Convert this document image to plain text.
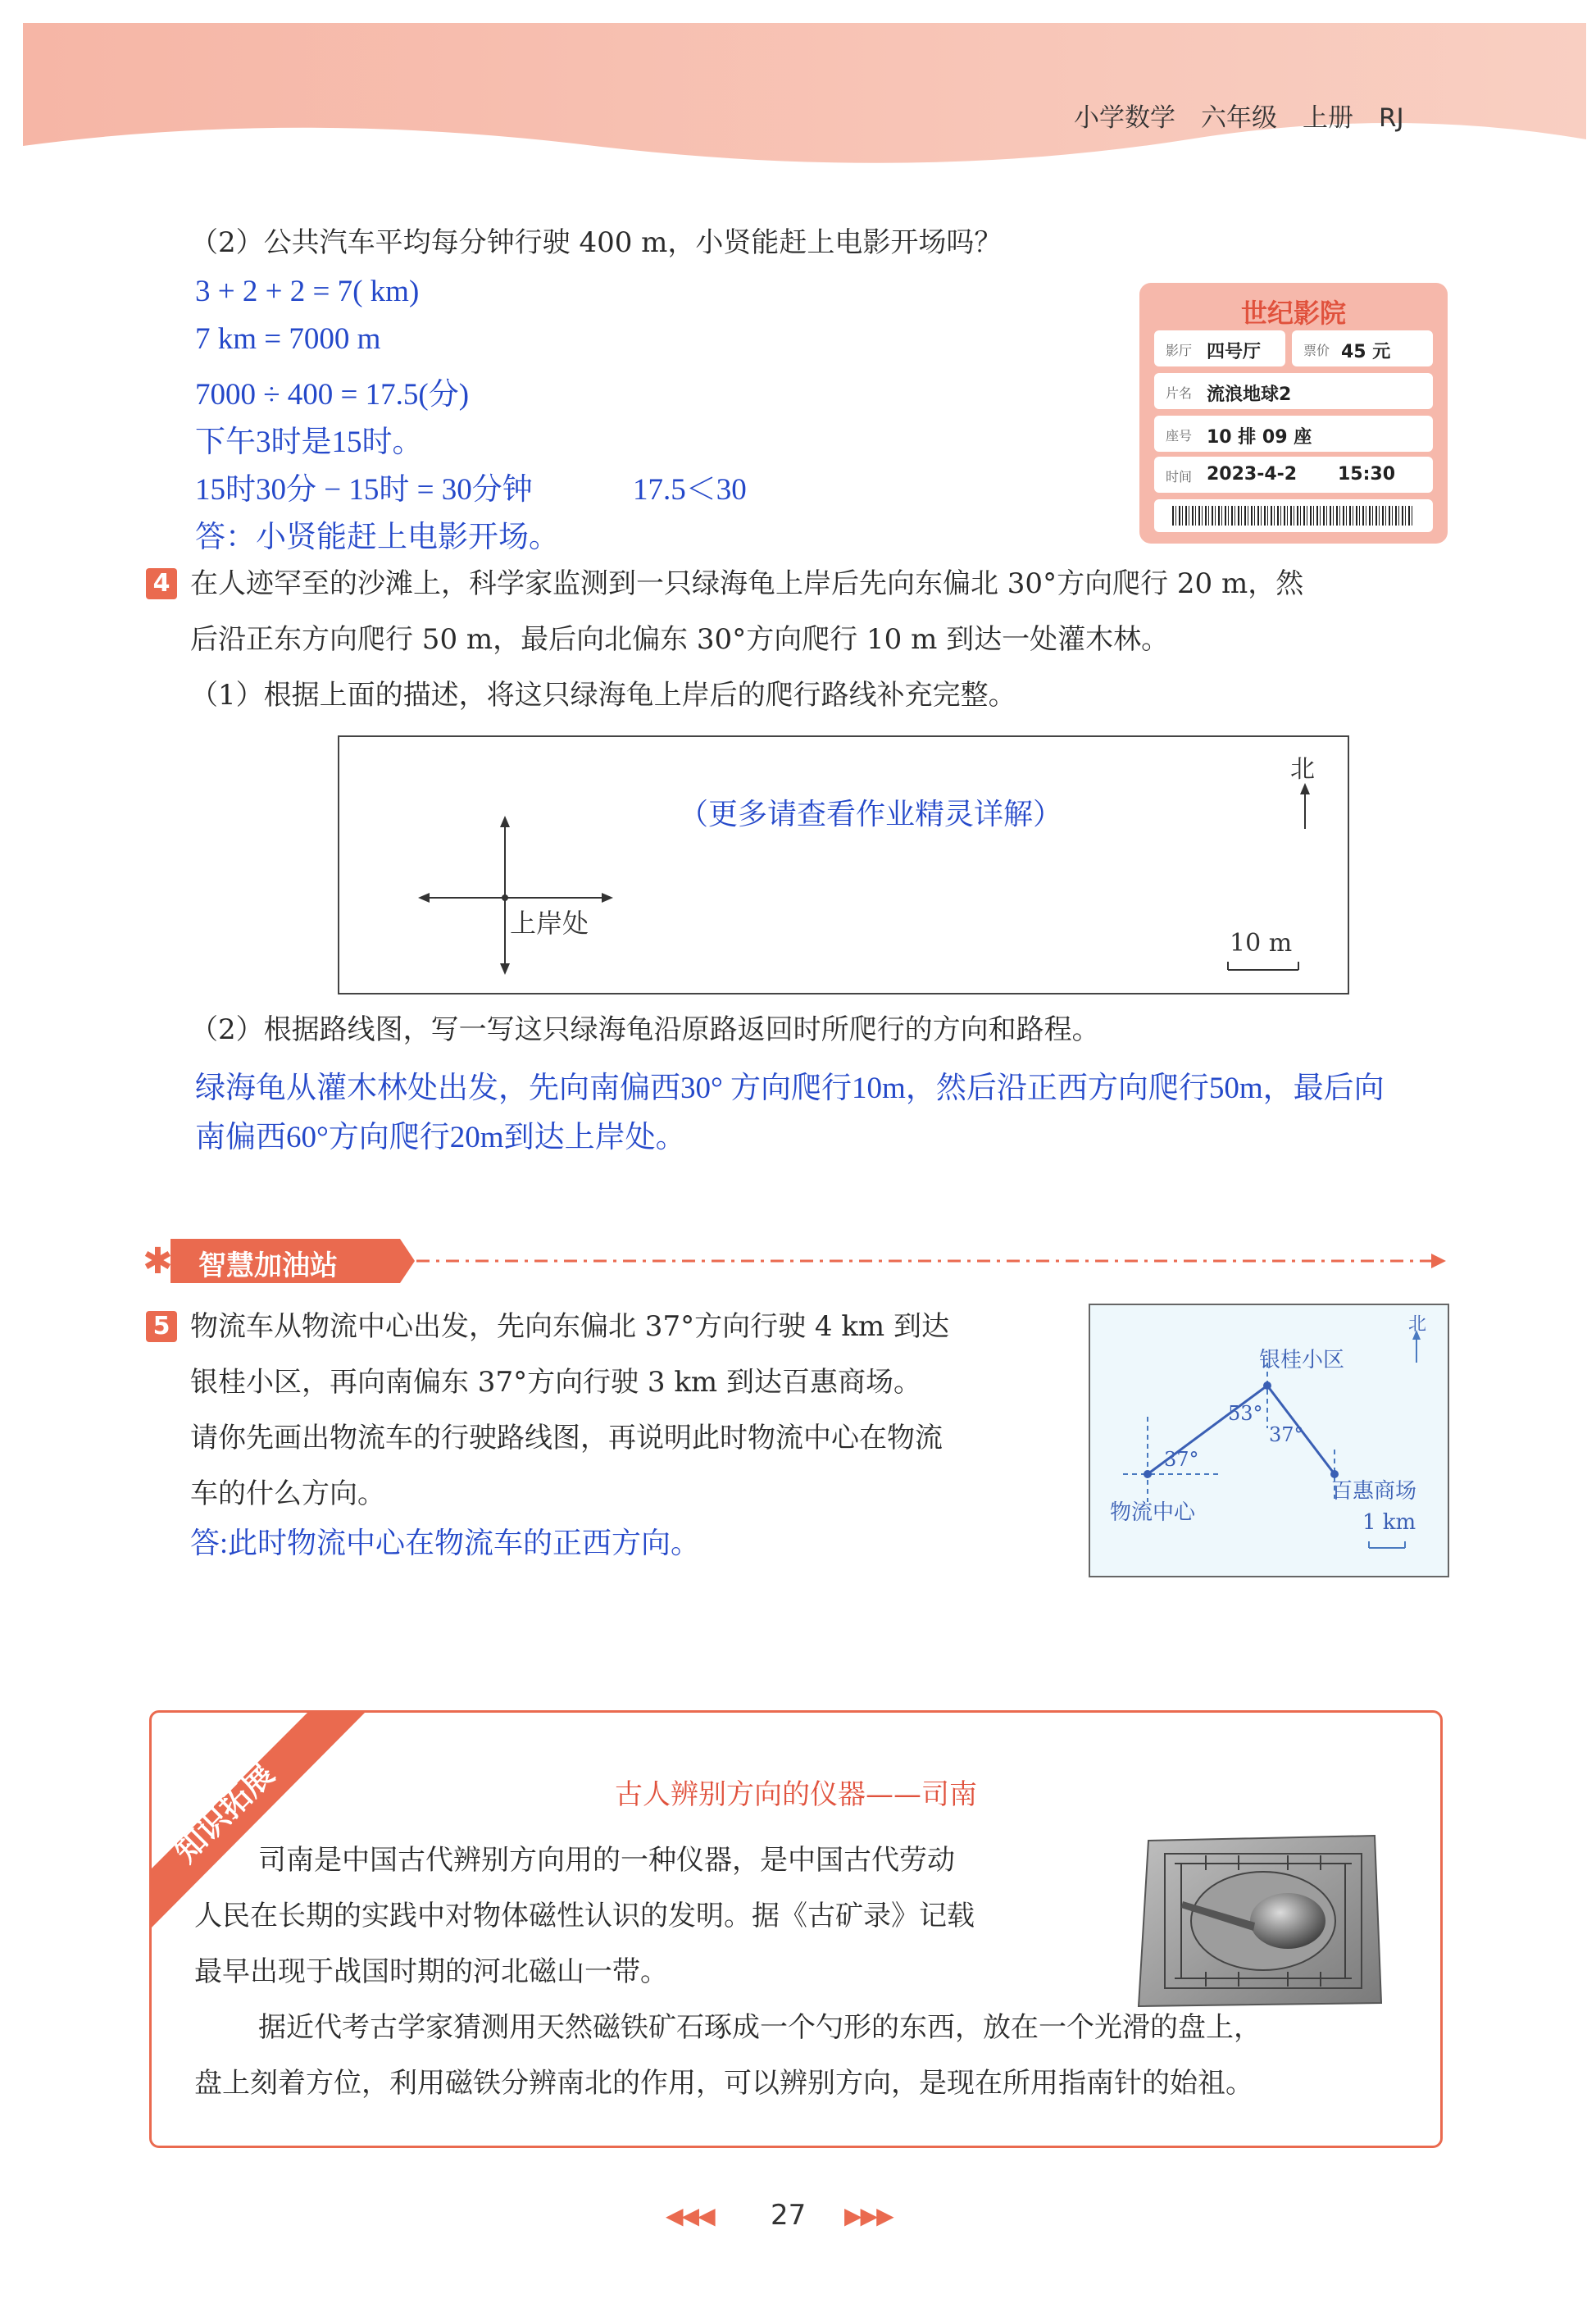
小学数学　六年级　上册　RJ
（2）公共汽车平均每分钟行驶 400 m，小贤能赶上电影开场吗？
3 + 2 + 2 = 7( km)
7 km = 7000 m
7000 ÷ 400 = 17.5(分)
下午3时是15时。
15时30分 − 15时 = 30分钟	17.5＜30
答：小贤能赶上电影开场。
世纪影院
影厅 四号厅	票价 45 元
片名 流浪地球2
座号 10 排 09 座
时间 2023-4-2 15:30
4 在人迹罕至的沙滩上，科学家监测到一只绿海龟上岸后先向东偏北 30°方向爬行 20 m，然
后沿正东方向爬行 50 m，最后向北偏东 30°方向爬行 10 m 到达一处灌木林。
（1）根据上面的描述，将这只绿海龟上岸后的爬行路线补充完整。
（更多请查看作业精灵详解）
北
上岸处
10 m
（2）根据路线图，写一写这只绿海龟沿原路返回时所爬行的方向和路程。
绿海龟从灌木林处出发，先向南偏西30° 方向爬行10m，然后沿正西方向爬行50m，最后向
南偏西60°方向爬行20m到达上岸处。
✱ 智慧加油站
5 物流车从物流中心出发，先向东偏北 37°方向行驶 4 km 到达
银桂小区，再向南偏东 37°方向行驶 3 km 到达百惠商场。
请你先画出物流车的行驶路线图，再说明此时物流中心在物流
车的什么方向。
答:此时物流中心在物流车的正西方向。
北
银桂小区
物流中心
百惠商场
53°
37°
37°
1 km
知识拓展	古人辨别方向的仪器——司南
司南是中国古代辨别方向用的一种仪器，是中国古代劳动
人民在长期的实践中对物体磁性认识的发明。据《古矿录》记载
最早出现于战国时期的河北磁山一带。
据近代考古学家猜测用天然磁铁矿石琢成一个勺形的东西，放在一个光滑的盘上，
盘上刻着方位，利用磁铁分辨南北的作用，可以辨别方向，是现在所用指南针的始祖。
◀◀◀ 27 ▶▶▶
